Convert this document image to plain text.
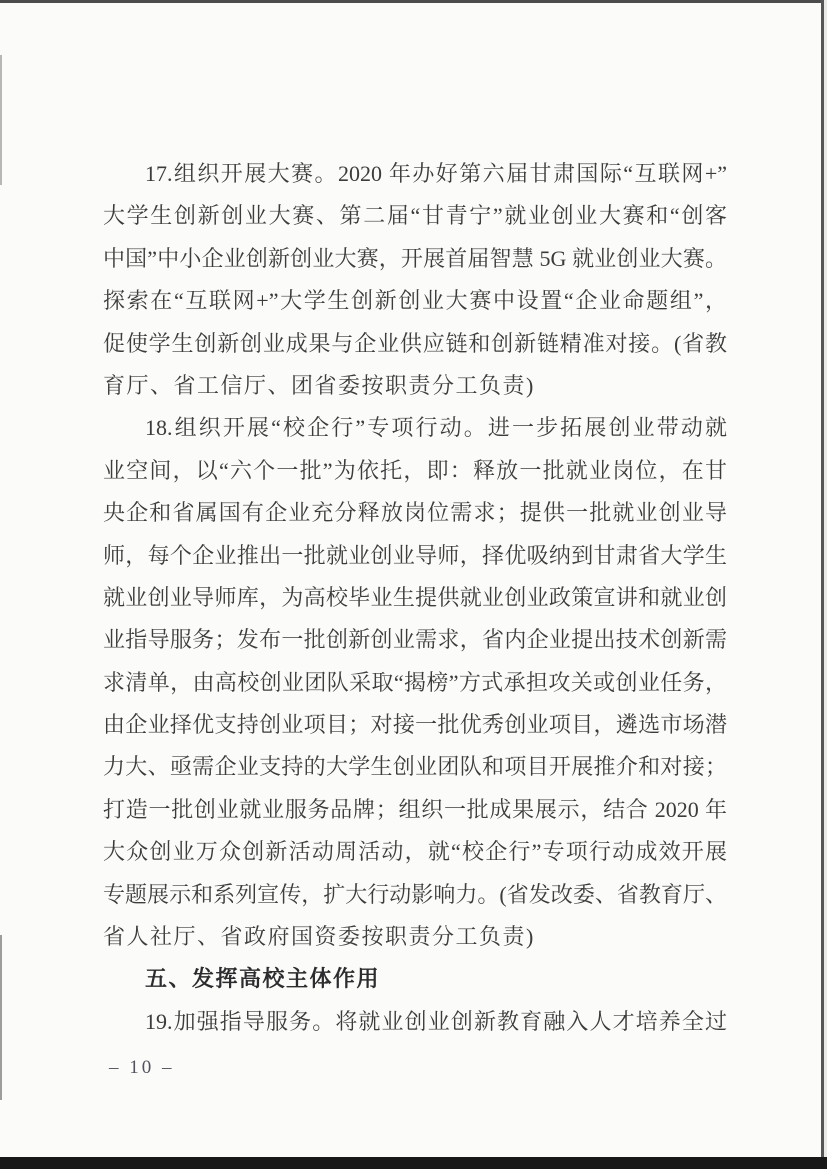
17.组织开展大赛。2020 年办好第六届甘肃国际“互联网+”
大学生创新创业大赛、第二届“甘青宁”就业创业大赛和“创客
中国”中小企业创新创业大赛，开展首届智慧 5G 就业创业大赛。
探索在“互联网+”大学生创新创业大赛中设置“企业命题组”，
促使学生创新创业成果与企业供应链和创新链精准对接。(省教
育厅、省工信厅、团省委按职责分工负责)
18.组织开展“校企行”专项行动。进一步拓展创业带动就
业空间，以“六个一批”为依托，即：释放一批就业岗位，在甘
央企和省属国有企业充分释放岗位需求；提供一批就业创业导
师，每个企业推出一批就业创业导师，择优吸纳到甘肃省大学生
就业创业导师库，为高校毕业生提供就业创业政策宣讲和就业创
业指导服务；发布一批创新创业需求，省内企业提出技术创新需
求清单，由高校创业团队采取“揭榜”方式承担攻关或创业任务，
由企业择优支持创业项目；对接一批优秀创业项目，遴选市场潜
力大、亟需企业支持的大学生创业团队和项目开展推介和对接；
打造一批创业就业服务品牌；组织一批成果展示，结合 2020 年
大众创业万众创新活动周活动，就“校企行”专项行动成效开展
专题展示和系列宣传，扩大行动影响力。(省发改委、省教育厅、
省人社厅、省政府国资委按职责分工负责)
五、发挥高校主体作用
19.加强指导服务。将就业创业创新教育融入人才培养全过
– 10 –
